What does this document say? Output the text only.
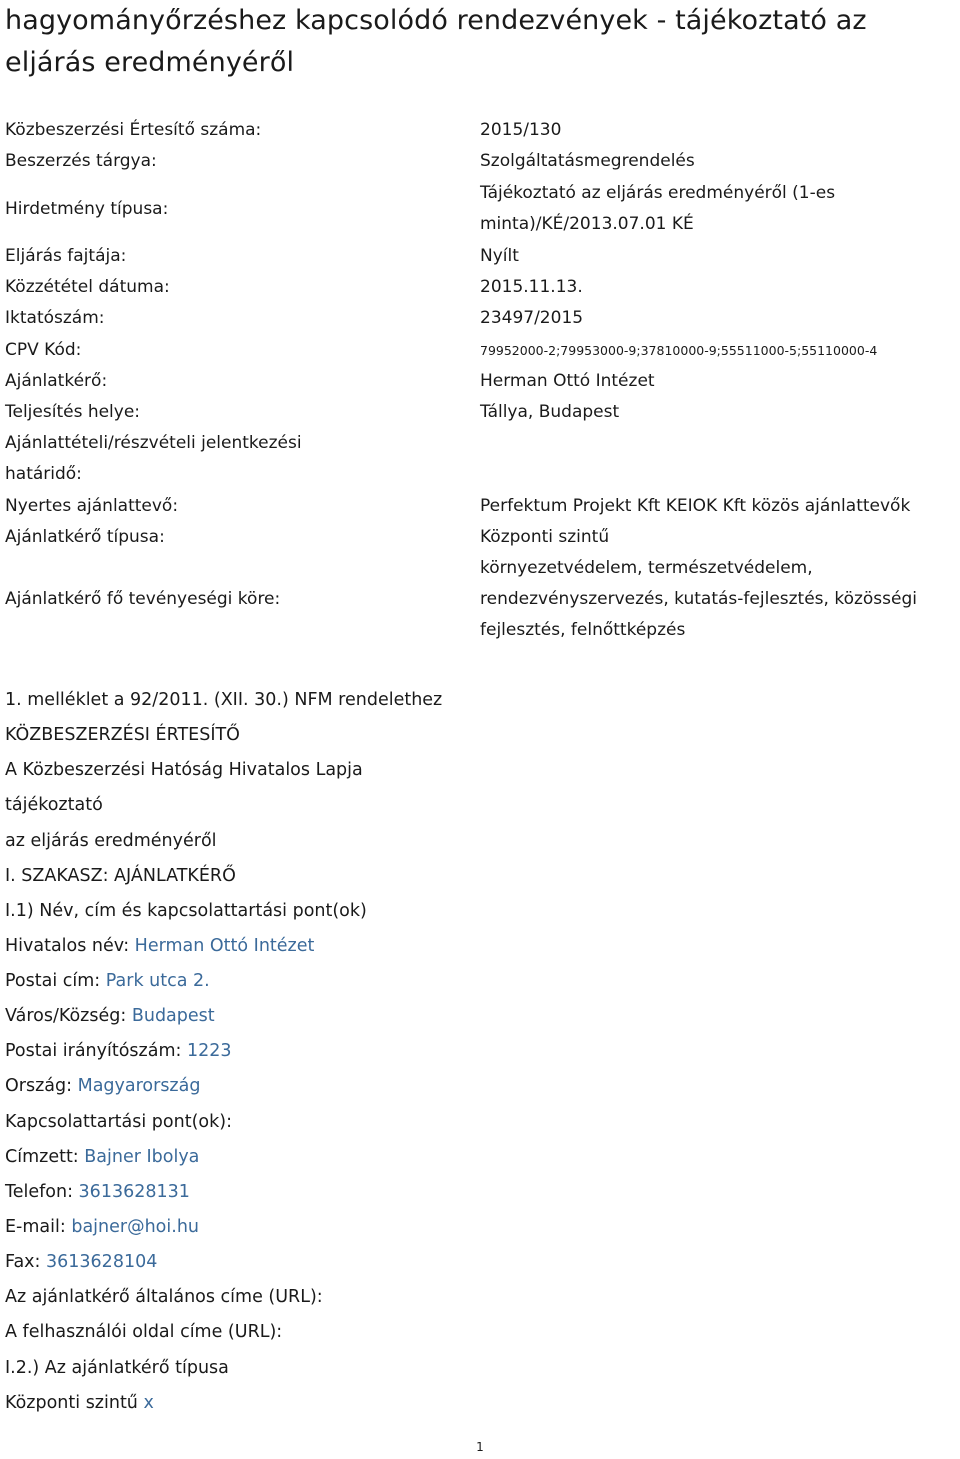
hagyományőrzéshez kapcsolódó rendezvények - tájékoztató az eljárás eredményéről
Közbeszerzési Értesítő száma:	2015/130
Beszerzés tárgya:	Szolgáltatásmegrendelés
Hirdetmény típusa:
Tájékoztató az eljárás eredményéről (1-es
minta)/KÉ/2013.07.01 KÉ
Eljárás fajtája:	Nyílt
Közzététel dátuma:	2015.11.13.
Iktatószám:	23497/2015
CPV Kód:	79952000-2;79953000-9;37810000-9;55511000-5;55110000-4
Ajánlatkérő:	Herman Ottó Intézet
Teljesítés helye:	Tállya, Budapest
Ajánlattételi/részvételi jelentkezési
határidő:
Nyertes ajánlattevő:	Perfektum Projekt Kft KEIOK Kft közös ajánlattevők
Ajánlatkérő típusa:	Központi szintű
Ajánlatkérő fő tevényeségi köre:
környezetvédelem, természetvédelem,
rendezvényszervezés, kutatás-fejlesztés, közösségi
fejlesztés, felnőttképzés
1. melléklet a 92/2011. (XII. 30.) NFM rendelethez
KÖZBESZERZÉSI ÉRTESÍTŐ
A Közbeszerzési Hatóság Hivatalos Lapja
tájékoztató
az eljárás eredményéről
I. SZAKASZ: AJÁNLATKÉRŐ
I.1) Név, cím és kapcsolattartási pont(ok)
Hivatalos név: Herman Ottó Intézet
Postai cím: Park utca 2.
Város/Község: Budapest
Postai irányítószám: 1223
Ország: Magyarország
Kapcsolattartási pont(ok):
Címzett: Bajner Ibolya
Telefon: 3613628131
E-mail: bajner@hoi.hu
Fax: 3613628104
Az ajánlatkérő általános címe (URL):
A felhasználói oldal címe (URL):
I.2.) Az ajánlatkérő típusa
Központi szintű x
1
